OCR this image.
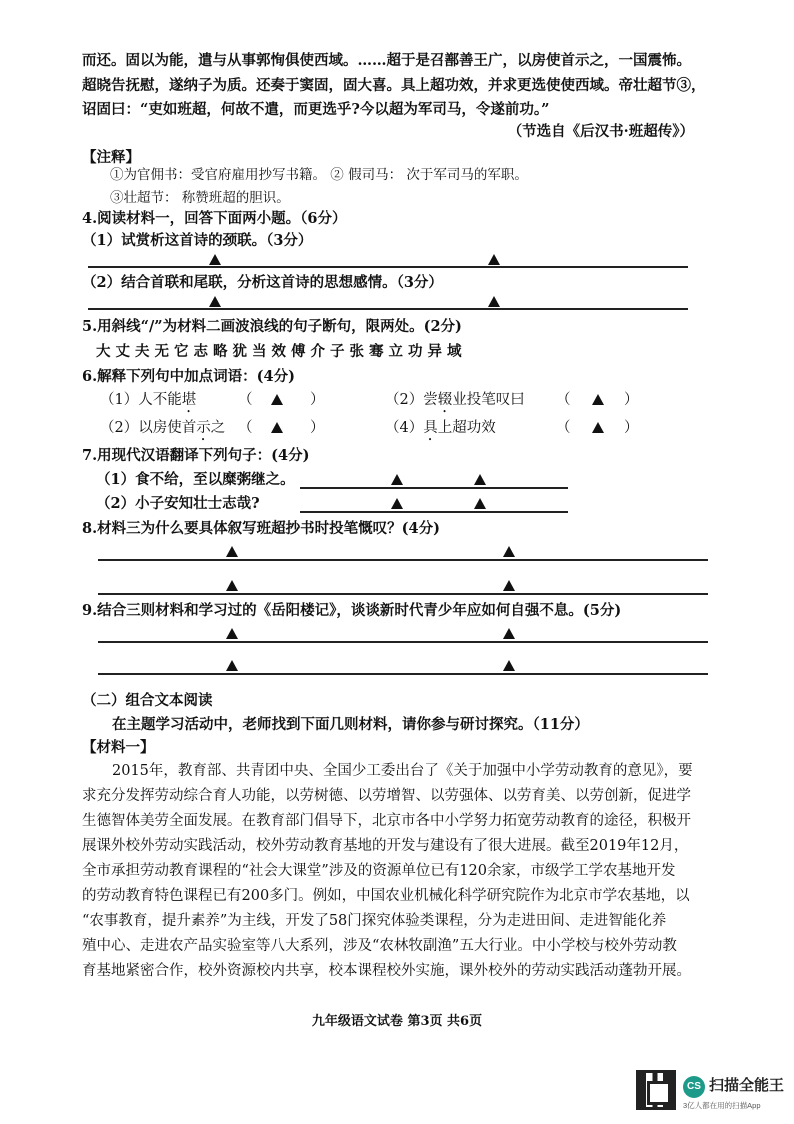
而还。固以为能，遣与从事郭恂俱使西域。……超于是召鄯善王广，以房使首示之，一国震怖。
超晓告抚慰，遂纳子为质。还奏于窦固，固大喜。具上超功效，并求更选使使西域。帝壮超节③，
诏固曰：“吏如班超，何故不遣，而更选乎?今以超为军司马，令遂前功。”
（节选自《后汉书·班超传》）
【注释】
①为官佣书：受官府雇用抄写书籍。 ② 假司马： 次于军司马的军职。
③壮超节： 称赞班超的胆识。
4.阅读材料一，回答下面两小题。（6分）
（1）试赏析这首诗的颈联。（3分）
（2）结合首联和尾联，分析这首诗的思想感情。（3分）
5.用斜线“/”为材料二画波浪线的句子断句，限两处。(2分)
大丈夫无它志略犹当效傅介子张骞立功异域
6.解释下列句中加点词语：(4分)
（1）人不能堪	（	）	（2）尝辍业投笔叹曰 （	）
（2）以房使首示之 （	）	（4）具上超功效	（	）
7.用现代汉语翻译下列句子：(4分)
（1）食不给，至以糜粥继之。
（2）小子安知壮士志哉?
8.材料三为什么要具体叙写班超抄书时投笔慨叹？(4分)
9.结合三则材料和学习过的《岳阳楼记》，谈谈新时代青少年应如何自强不息。(5分)
（二）组合文本阅读
在主题学习活动中，老师找到下面几则材料，请你参与研讨探究。（11分）
【材料一】
2015年，教育部、共青团中央、全国少工委出台了《关于加强中小学劳动教育的意见》，要
求充分发挥劳动综合育人功能，以劳树德、以劳增智、以劳强体、以劳育美、以劳创新，促进学
生德智体美劳全面发展。在教育部门倡导下，北京市各中小学努力拓宽劳动教育的途径，积极开
展课外校外劳动实践活动，校外劳动教育基地的开发与建设有了很大进展。截至2019年12月，
全市承担劳动教育课程的“社会大课堂”涉及的资源单位已有120余家，市级学工学农基地开发
的劳动教育特色课程已有200多门。例如，中国农业机械化科学研究院作为北京市学农基地，以
“农事教育，提升素养”为主线，开发了58门探究体验类课程，分为走进田间、走进智能化养
殖中心、走进农产品实验室等八大系列，涉及“农林牧副渔”五大行业。中小学校与校外劳动教
育基地紧密合作，校外资源校内共享，校本课程校外实施，课外校外的劳动实践活动蓬勃开展。
九年级语文试卷 第3页 共6页
CS 扫描全能王
3亿人都在用的扫描App
